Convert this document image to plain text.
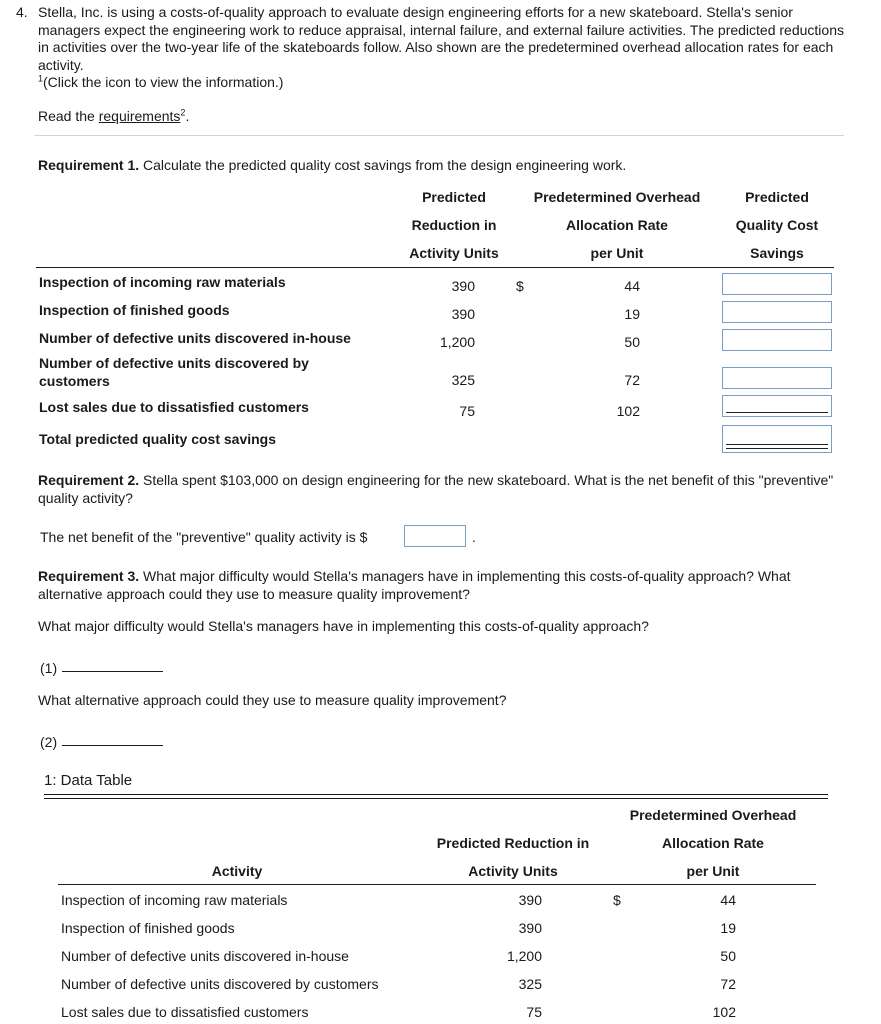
4. Stella, Inc. is using a costs-of-quality approach to evaluate design engineering efforts for a new skateboard. Stella's senior managers expect the engineering work to reduce appraisal, internal failure, and external failure activities. The predicted reductions in activities over the two-year life of the skateboards follow. Also shown are the predetermined overhead allocation rates for each activity.
$^1$(Click the icon to view the information.)
Read the requirements$^2$.
Requirement 1. Calculate the predicted quality cost savings from the design engineering work.
Predicted
Reduction in
Activity Units
Predetermined Overhead
Allocation Rate
per Unit
Predicted
Quality Cost
Savings
Inspection of incoming raw materials	390	$	44
Inspection of finished goods	390	19
Number of defective units discovered in-house	1,200	50
Number of defective units discovered by customers	325	72
Lost sales due to dissatisfied customers	75	102
Total predicted quality cost savings
Requirement 2. Stella spent $103,000 on design engineering for the new skateboard. What is the net benefit of this "preventive" quality activity?
The net benefit of the "preventive" quality activity is $	.
Requirement 3. What major difficulty would Stella's managers have in implementing this costs-of-quality approach? What alternative approach could they use to measure quality improvement?
What major difficulty would Stella's managers have in implementing this costs-of-quality approach?
(1)
What alternative approach could they use to measure quality improvement?
(2)
1: Data Table
Predetermined Overhead
Allocation Rate
per Unit
Predicted Reduction in
Activity Units
Activity
Inspection of incoming raw materials	390	$	44
Inspection of finished goods	390	19
Number of defective units discovered in-house	1,200	50
Number of defective units discovered by customers	325	72
Lost sales due to dissatisfied customers	75	102
